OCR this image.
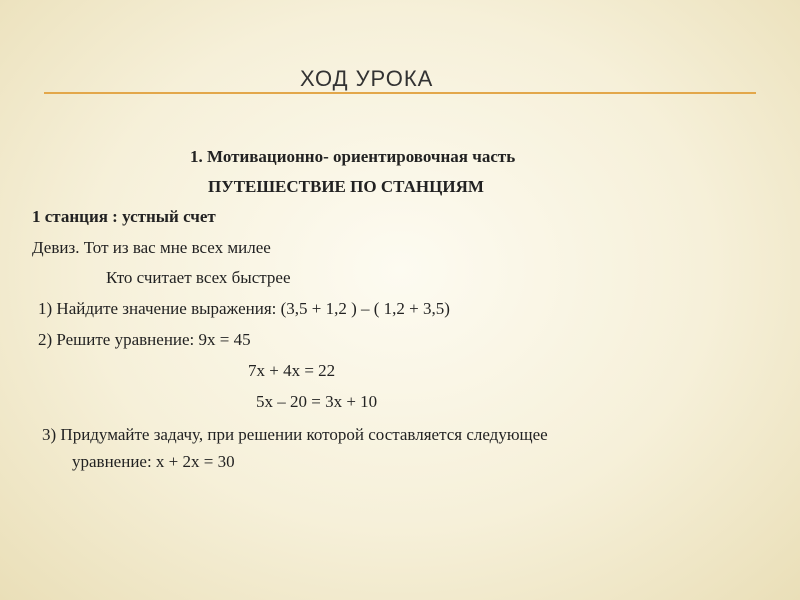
ХОД УРОКА
1. Мотивационно- ориентировочная часть
ПУТЕШЕСТВИЕ ПО СТАНЦИЯМ
1 станция : устный счет
Девиз. Тот из вас мне всех милее
Кто считает всех быстрее
1) Найдите значение выражения: (3,5 + 1,2 ) – ( 1,2 + 3,5)
2) Решите уравнение: 9х = 45
7х + 4х = 22
5х – 20 = 3х + 10
3) Придумайте задачу, при решении которой составляется следующее
уравнение: х + 2х = 30
